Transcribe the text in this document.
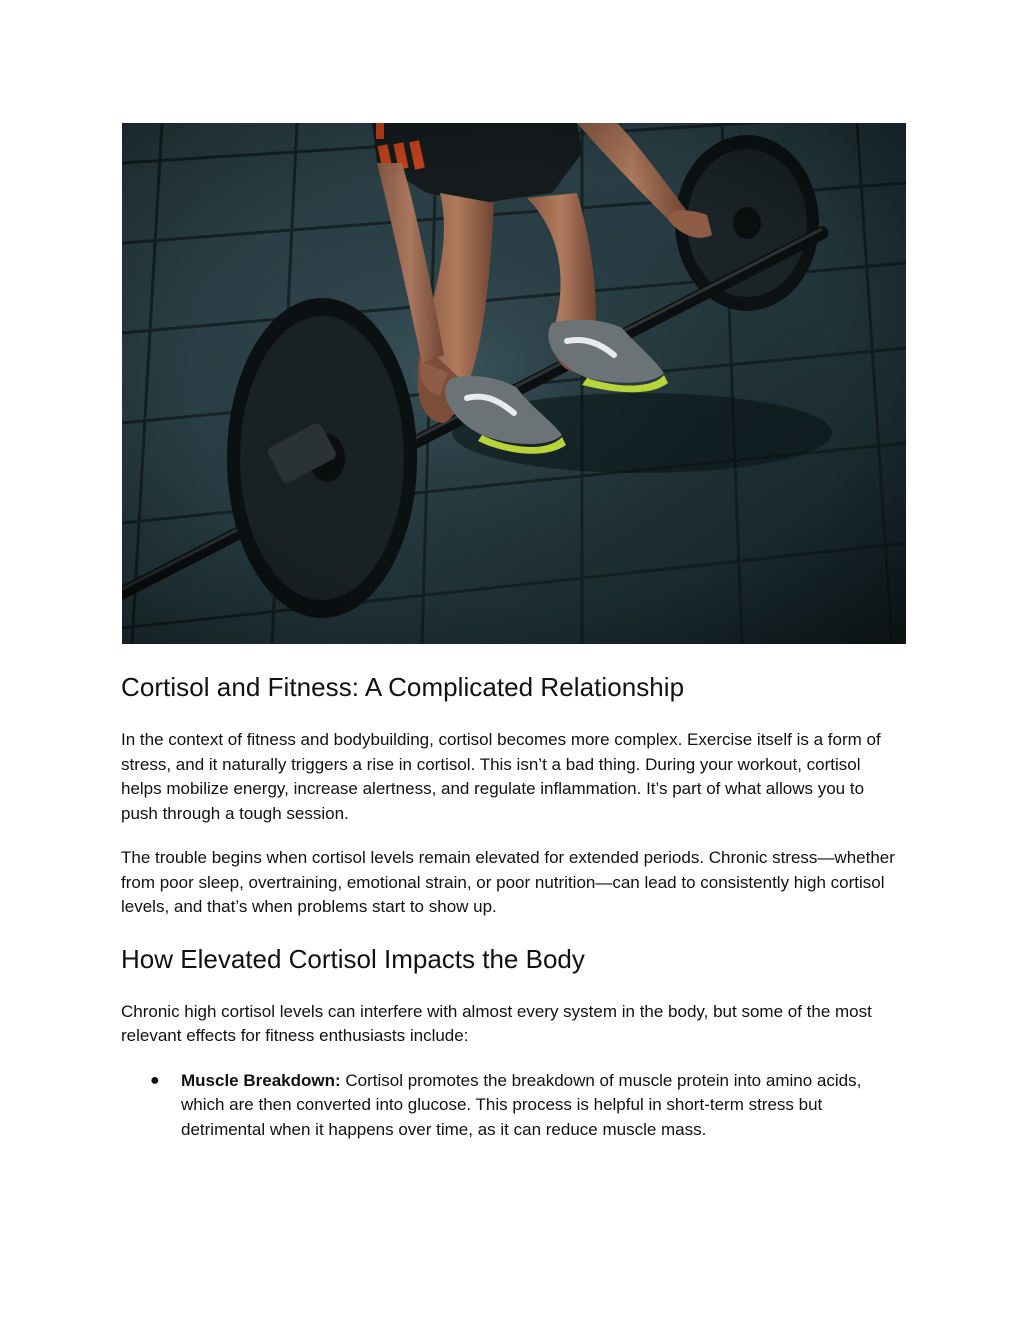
Cortisol and Fitness: A Complicated Relationship

In the context of fitness and bodybuilding, cortisol becomes more complex. Exercise itself is a form of stress, and it naturally triggers a rise in cortisol. This isn’t a bad thing. During your workout, cortisol helps mobilize energy, increase alertness, and regulate inflammation. It’s part of what allows you to push through a tough session.

The trouble begins when cortisol levels remain elevated for extended periods. Chronic stress—whether from poor sleep, overtraining, emotional strain, or poor nutrition—can lead to consistently high cortisol levels, and that’s when problems start to show up.

How Elevated Cortisol Impacts the Body

Chronic high cortisol levels can interfere with almost every system in the body, but some of the most relevant effects for fitness enthusiasts include:

● Muscle Breakdown: Cortisol promotes the breakdown of muscle protein into amino acids, which are then converted into glucose. This process is helpful in short-term stress but detrimental when it happens over time, as it can reduce muscle mass.
